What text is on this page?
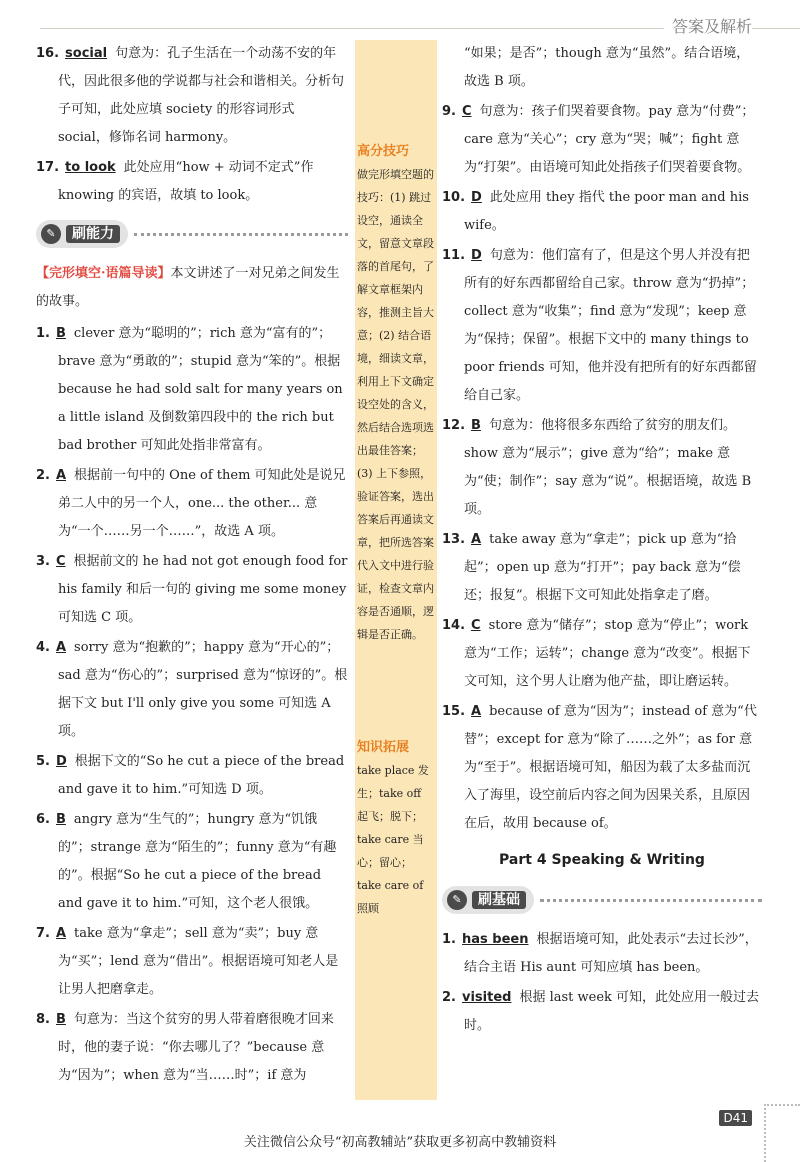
答案及解析
16. social 句意为：孔子生活在一个动荡不安的年代，因此很多他的学说都与社会和谐相关。分析句子可知，此处应填 society 的形容词形式 social，修饰名词 harmony。
17. to look 此处应用“how + 动词不定式”作 knowing 的宾语，故填 to look。
✎	刷能力

【完形填空·语篇导读】本文讲述了一对兄弟之间发生的故事。

1. B clever 意为“聪明的”；rich 意为“富有的”；brave 意为“勇敢的”；stupid 意为“笨的”。根据 because he had sold salt for many years on a little island 及倒数第四段中的 the rich but bad brother 可知此处指非常富有。
2. A 根据前一句中的 One of them 可知此处是说兄弟二人中的另一个人，one... the other... 意为“一个……另一个……”，故选 A 项。
3. C 根据前文的 he had not got enough food for his family 和后一句的 giving me some money 可知选 C 项。
4. A sorry 意为“抱歉的”；happy 意为“开心的”；sad 意为“伤心的”；surprised 意为“惊讶的”。根据下文 but I'll only give you some 可知选 A 项。
5. D 根据下文的“So he cut a piece of the bread and gave it to him.”可知选 D 项。
6. B angry 意为“生气的”；hungry 意为“饥饿的”；strange 意为“陌生的”；funny 意为“有趣的”。根据“So he cut a piece of the bread and gave it to him.”可知，这个老人很饿。
7. A take 意为“拿走”；sell 意为“卖”；buy 意为“买”；lend 意为“借出”。根据语境可知老人是让男人把磨拿走。
8. B 句意为：当这个贫穷的男人带着磨很晚才回来时，他的妻子说：“你去哪儿了？”because 意为“因为”；when 意为“当……时”；if 意为
高分技巧
做完形填空题的技巧：(1) 跳过设空，通读全文，留意文章段落的首尾句，了解文章框架内容，推测主旨大意；(2) 结合语境，细读文章，利用上下文确定设空处的含义，然后结合选项选出最佳答案；(3) 上下参照，验证答案，选出答案后再通读文章，把所选答案代入文中进行验证，检查文章内容是否通顺，逻辑是否正确。
知识拓展
take place 发生；take off 起飞；脱下；take care 当心；留心；take care of 照顾
“如果；是否”；though 意为“虽然”。结合语境，故选 B 项。
9. C 句意为：孩子们哭着要食物。pay 意为“付费”；care 意为“关心”；cry 意为“哭；喊”；fight 意为“打架”。由语境可知此处指孩子们哭着要食物。
10. D 此处应用 they 指代 the poor man and his wife。
11. D 句意为：他们富有了，但是这个男人并没有把所有的好东西都留给自己家。throw 意为“扔掉”；collect 意为“收集”；find 意为“发现”；keep 意为“保持；保留”。根据下文中的 many things to poor friends 可知，他并没有把所有的好东西都留给自己家。
12. B 句意为：他将很多东西给了贫穷的朋友们。show 意为“展示”；give 意为“给”；make 意为“使；制作”；say 意为“说”。根据语境，故选 B 项。
13. A take away 意为“拿走”；pick up 意为“拾起”；open up 意为“打开”；pay back 意为“偿还；报复”。根据下文可知此处指拿走了磨。
14. C store 意为“储存”；stop 意为“停止”；work 意为“工作；运转”；change 意为“改变”。根据下文可知，这个男人让磨为他产盐，即让磨运转。
15. A because of 意为“因为”；instead of 意为“代替”；except for 意为“除了……之外”；as for 意为“至于”。根据语境可知，船因为载了太多盐而沉入了海里，设空前后内容之间为因果关系，且原因在后，故用 because of。
Part 4 Speaking & Writing
✎	刷基础
1. has been 根据语境可知，此处表示“去过长沙”，结合主语 His aunt 可知应填 has been。
2. visited 根据 last week 可知，此处应用一般过去时。
D41
关注微信公众号“初高教辅站”获取更多初高中教辅资料
